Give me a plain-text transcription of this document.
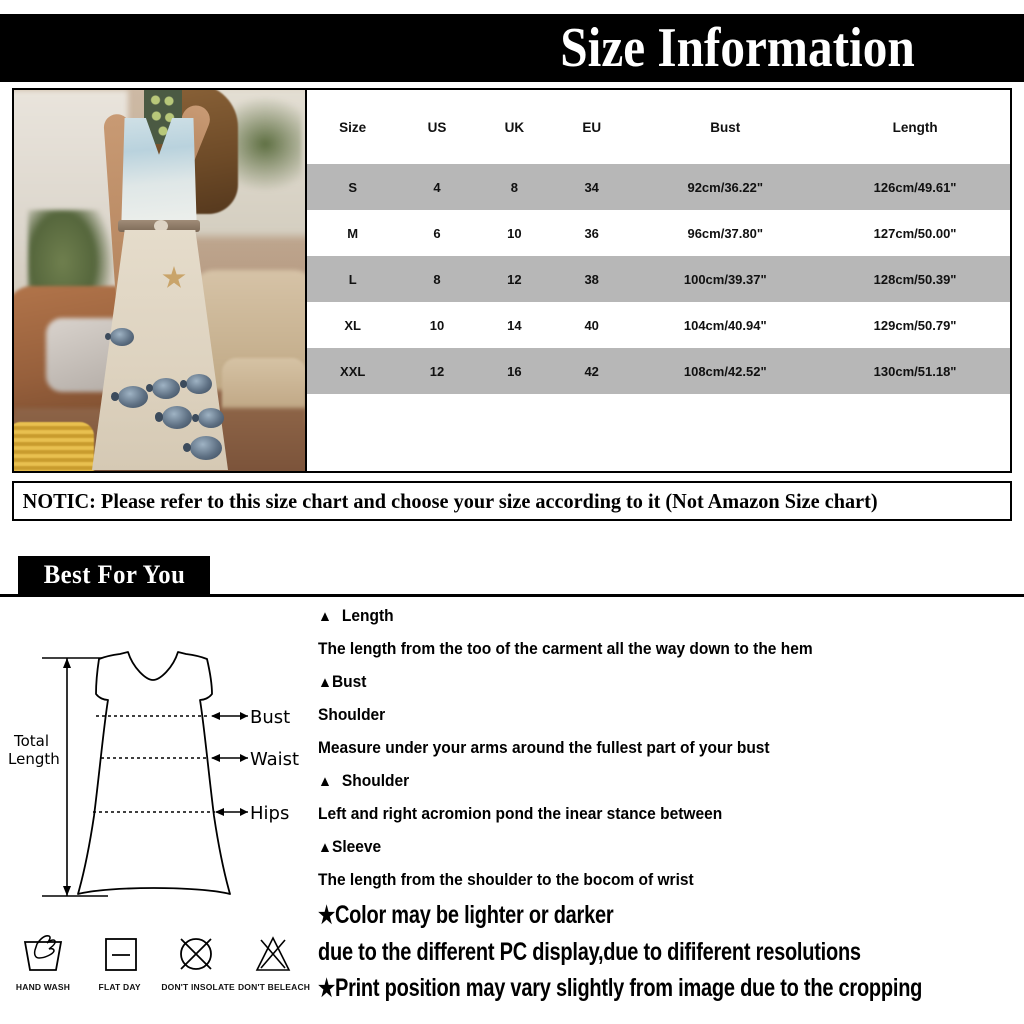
Size Information
Size	US	UK	EU	Bust	Length
S	4	8	34	92cm/36.22"	126cm/49.61"
M	6	10	36	96cm/37.80"	127cm/50.00"
L	8	12	38	100cm/39.37"	128cm/50.39"
XL	10	14	40	104cm/40.94"	129cm/50.79"
XXL	12	16	42	108cm/42.52"	130cm/51.18"
NOTIC: Please refer to this size chart and choose your size according to it (Not Amazon Size chart)
Best For You
Total
Length
Bust
Waist
Hips
HAND WASH	FLAT DAY	DON'T INSOLATE DON'T BELEACH
▲ Length
The length from the too of the carment all the way down to the hem
▲Bust
Shoulder
Measure under your arms around the fullest part of your bust
▲ Shoulder
Left and right acromion pond the inear stance between
▲Sleeve
The length from the shoulder to the bocom of wrist
★Color may be lighter or darker
due to the different PC display,due to dififerent resolutions
★Print position may vary slightly from image due to the cropping
